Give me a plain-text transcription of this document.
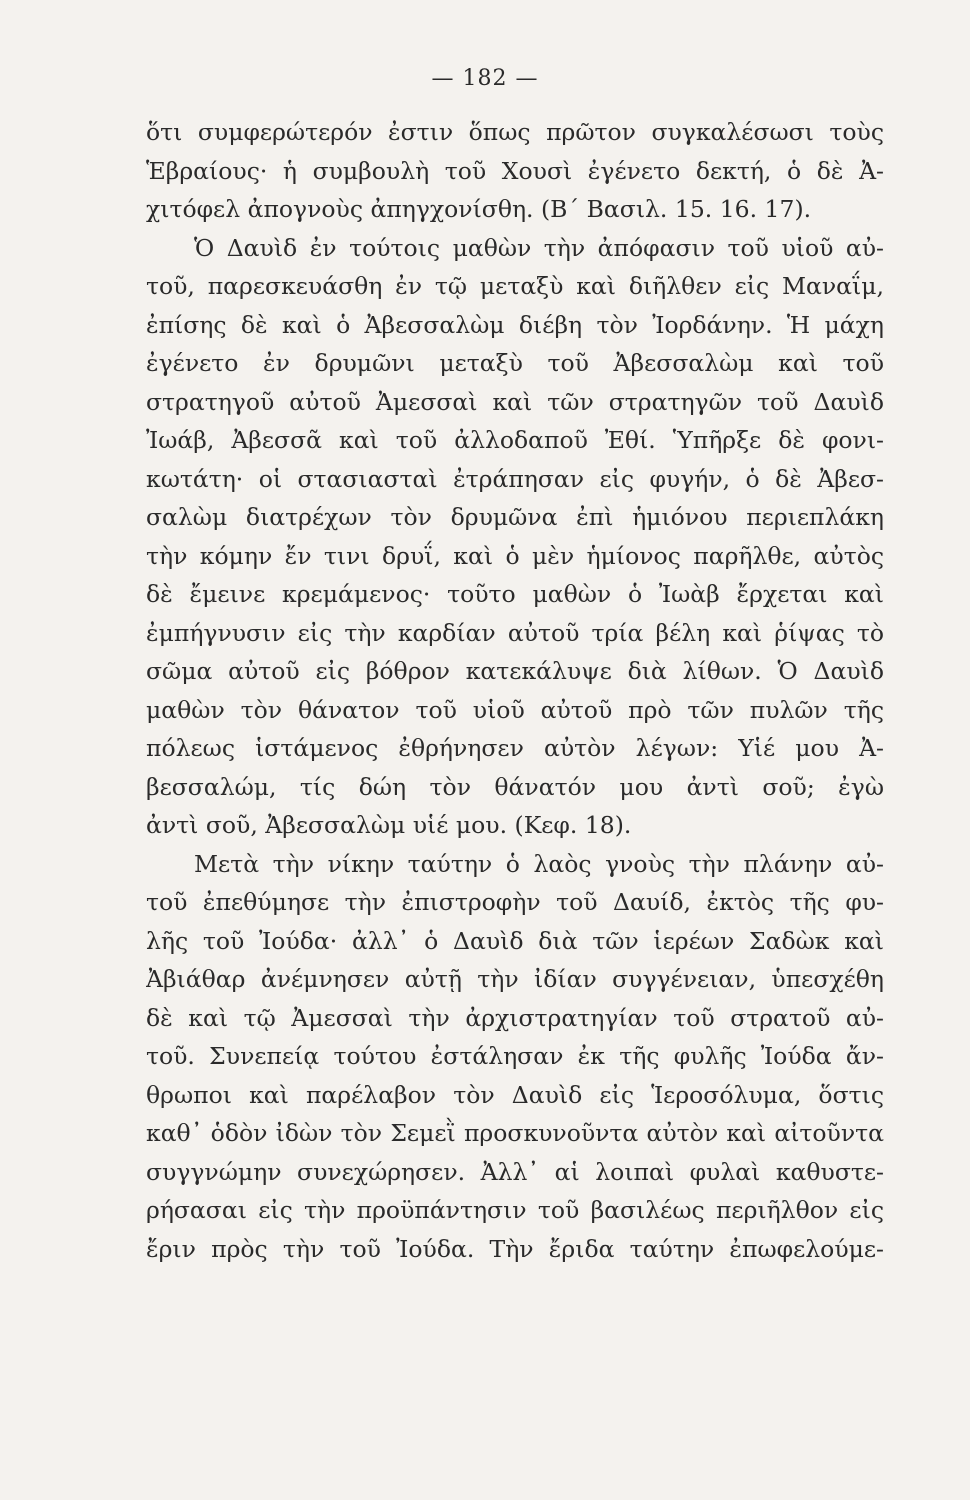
— 182 —
ὅτι συμφερώτερόν ἐστιν ὅπως πρῶτον συγκαλέσωσι τοὺς
Ἑβραίους· ἡ συμβουλὴ τοῦ Χουσὶ ἐγένετο δεκτή, ὁ δὲ Ἀ-
χιτόφελ ἀπογνοὺς ἀπηγχονίσθη. (Β΄ Βασιλ. 15. 16. 17).
Ὁ Δαυὶδ ἐν τούτοις μαθὼν τὴν ἀπόφασιν τοῦ υἱοῦ αὐ-
τοῦ, παρεσκευάσθη ἐν τῷ μεταξὺ καὶ διῆλθεν εἰς Μαναΐμ,
ἐπίσης δὲ καὶ ὁ Ἀβεσσαλὼμ διέβη τὸν Ἰορδάνην. Ἡ μάχη
ἐγένετο ἐν δρυμῶνι μεταξὺ τοῦ Ἀβεσσαλὼμ καὶ τοῦ
στρατηγοῦ αὐτοῦ Ἀμεσσαὶ καὶ τῶν στρατηγῶν τοῦ Δαυὶδ
Ἰωάβ, Ἀβεσσᾶ καὶ τοῦ ἀλλοδαποῦ Ἐθί. Ὑπῆρξε δὲ φονι-
κωτάτη· οἱ στασιασταὶ ἐτράπησαν εἰς φυγήν, ὁ δὲ Ἀβεσ-
σαλὼμ διατρέχων τὸν δρυμῶνα ἐπὶ ἡμιόνου περιεπλάκη
τὴν κόμην ἔν τινι δρυΐ, καὶ ὁ μὲν ἡμίονος παρῆλθε, αὐτὸς
δὲ ἔμεινε κρεμάμενος· τοῦτο μαθὼν ὁ Ἰωὰβ ἔρχεται καὶ
ἐμπήγνυσιν εἰς τὴν καρδίαν αὐτοῦ τρία βέλη καὶ ῥίψας τὸ
σῶμα αὐτοῦ εἰς βόθρον κατεκάλυψε διὰ λίθων. Ὁ Δαυὶδ
μαθὼν τὸν θάνατον τοῦ υἱοῦ αὐτοῦ πρὸ τῶν πυλῶν τῆς
πόλεως ἱστάμενος ἐθρήνησεν αὐτὸν λέγων: Υἱέ μου Ἀ-
βεσσαλώμ, τίς δώη τὸν θάνατόν μου ἀντὶ σοῦ; ἐγὼ
ἀντὶ σοῦ, Ἀβεσσαλὼμ υἱέ μου. (Κεφ. 18).
Μετὰ τὴν νίκην ταύτην ὁ λαὸς γνοὺς τὴν πλάνην αὐ-
τοῦ ἐπεθύμησε τὴν ἐπιστροφὴν τοῦ Δαυίδ, ἐκτὸς τῆς φυ-
λῆς τοῦ Ἰούδα· ἀλλ᾽ ὁ Δαυὶδ διὰ τῶν ἱερέων Σαδὼκ καὶ
Ἀβιάθαρ ἀνέμνησεν αὐτῇ τὴν ἰδίαν συγγένειαν, ὑπεσχέθη
δὲ καὶ τῷ Ἀμεσσαὶ τὴν ἀρχιστρατηγίαν τοῦ στρατοῦ αὐ-
τοῦ. Συνεπείᾳ τούτου ἐστάλησαν ἐκ τῆς φυλῆς Ἰούδα ἄν-
θρωποι καὶ παρέλαβον τὸν Δαυὶδ εἰς Ἱεροσόλυμα, ὅστις
καθ᾽ ὁδὸν ἰδὼν τὸν Σεμεῒ προσκυνοῦντα αὐτὸν καὶ αἰτοῦντα
συγγνώμην συνεχώρησεν. Ἀλλ᾽ αἱ λοιπαὶ φυλαὶ καθυστε-
ρήσασαι εἰς τὴν προϋπάντησιν τοῦ βασιλέως περιῆλθον εἰς
ἔριν πρὸς τὴν τοῦ Ἰούδα. Τὴν ἔριδα ταύτην ἐπωφελούμε-
